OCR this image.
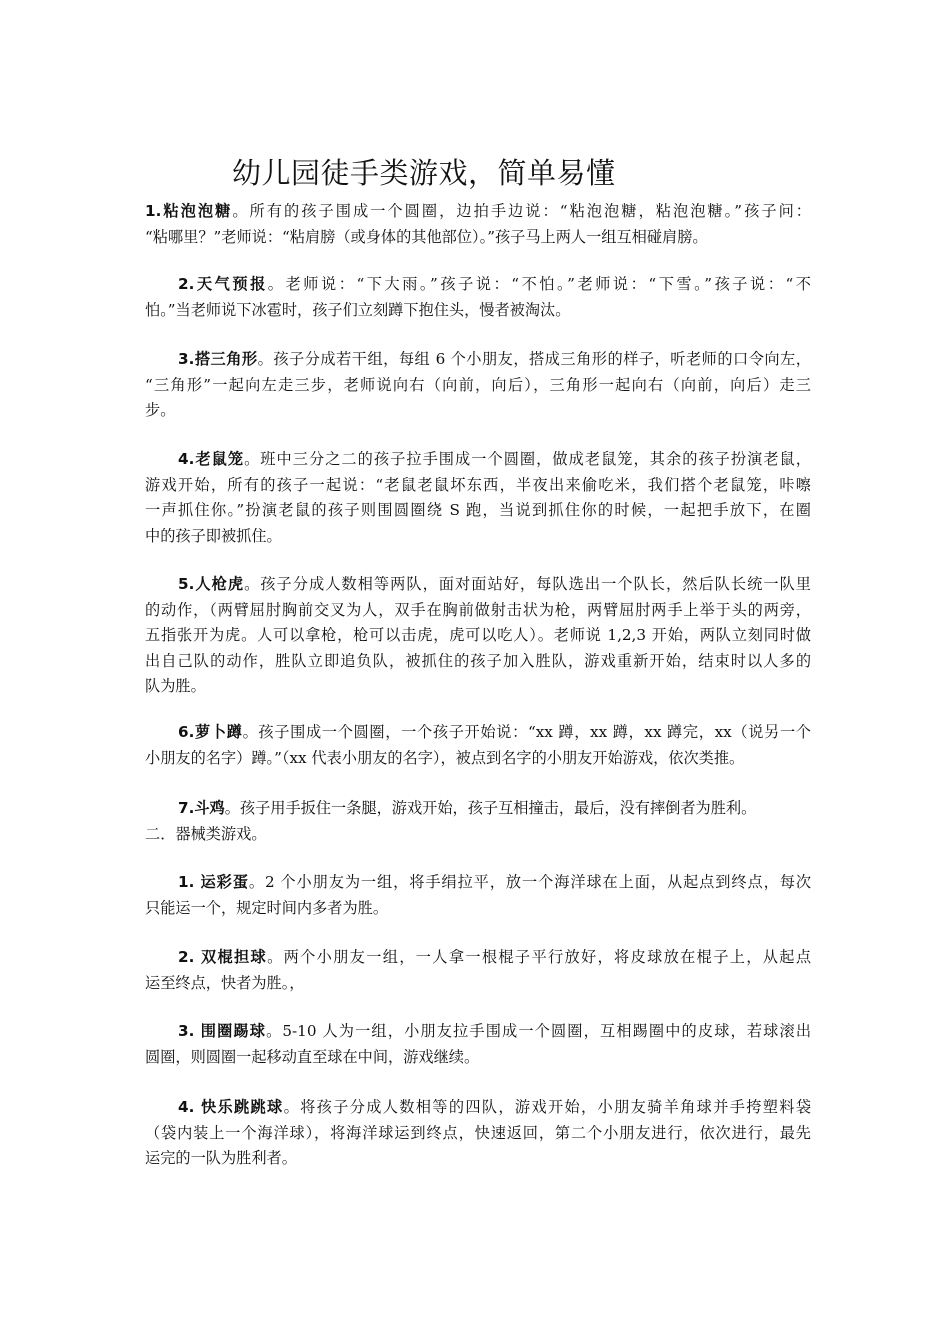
幼儿园徒手类游戏，简单易懂
1.粘泡泡糖。所有的孩子围成一个圆圈，边拍手边说：“粘泡泡糖，粘泡泡糖。”孩子问：
“粘哪里？”老师说：“粘肩膀（或身体的其他部位）。”孩子马上两人一组互相碰肩膀。
2.天气预报。老师说：“下大雨。”孩子说：“不怕。”老师说：“下雪。”孩子说：“不
怕。”当老师说下冰雹时，孩子们立刻蹲下抱住头，慢者被淘汰。
3.搭三角形。孩子分成若干组，每组 6 个小朋友，搭成三角形的样子，听老师的口令向左，
“三角形”一起向左走三步，老师说向右（向前，向后），三角形一起向右（向前，向后）走三
步。
4.老鼠笼。班中三分之二的孩子拉手围成一个圆圈，做成老鼠笼，其余的孩子扮演老鼠，
游戏开始，所有的孩子一起说：“老鼠老鼠坏东西，半夜出来偷吃米，我们搭个老鼠笼，咔嚓
一声抓住你。”扮演老鼠的孩子则围圆圈绕 S 跑，当说到抓住你的时候，一起把手放下，在圈
中的孩子即被抓住。
5.人枪虎。孩子分成人数相等两队，面对面站好，每队选出一个队长，然后队长统一队里
的动作，（两臂屈肘胸前交叉为人，双手在胸前做射击状为枪，两臂屈肘两手上举于头的两旁，
五指张开为虎。人可以拿枪，枪可以击虎，虎可以吃人）。老师说 1,2,3 开始，两队立刻同时做
出自己队的动作，胜队立即追负队，被抓住的孩子加入胜队，游戏重新开始，结束时以人多的
队为胜。
6.萝卜蹲。孩子围成一个圆圈，一个孩子开始说：“xx 蹲，xx 蹲，xx 蹲完，xx（说另一个
小朋友的名字）蹲。”（xx 代表小朋友的名字），被点到名字的小朋友开始游戏，依次类推。
7.斗鸡。孩子用手扳住一条腿，游戏开始，孩子互相撞击，最后，没有摔倒者为胜利。
二．器械类游戏。
1. 运彩蛋。2 个小朋友为一组，将手绢拉平，放一个海洋球在上面，从起点到终点，每次
只能运一个，规定时间内多者为胜。
2. 双棍担球。两个小朋友一组，一人拿一根棍子平行放好，将皮球放在棍子上，从起点
运至终点，快者为胜。，
3. 围圈踢球。5-10 人为一组，小朋友拉手围成一个圆圈，互相踢圈中的皮球，若球滚出
圆圈，则圆圈一起移动直至球在中间，游戏继续。
4. 快乐跳跳球。将孩子分成人数相等的四队，游戏开始，小朋友骑羊角球并手挎塑料袋
（袋内装上一个海洋球），将海洋球运到终点，快速返回，第二个小朋友进行，依次进行，最先
运完的一队为胜利者。
